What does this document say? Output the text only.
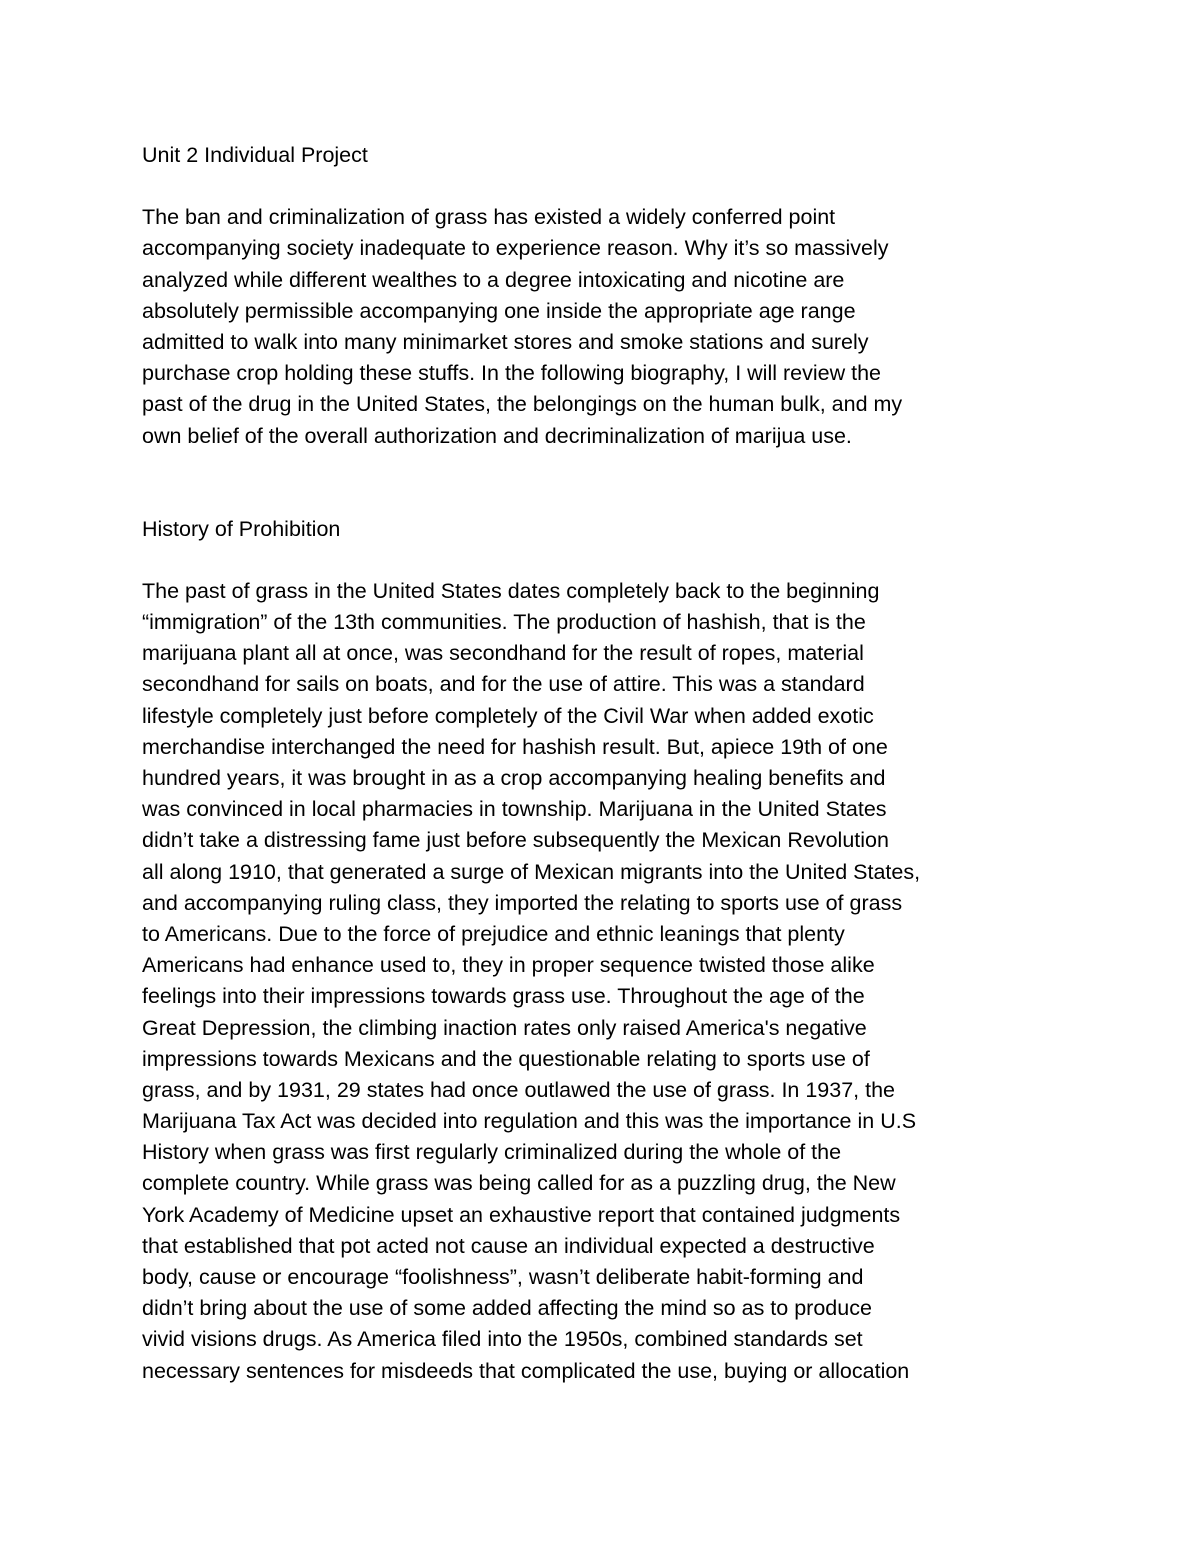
Unit 2 Individual Project
The ban and criminalization of grass has existed a widely conferred point
accompanying society inadequate to experience reason. Why it’s so massively
analyzed while different wealthes to a degree intoxicating and nicotine are
absolutely permissible accompanying one inside the appropriate age range
admitted to walk into many minimarket stores and smoke stations and surely
purchase crop holding these stuffs. In the following biography, I will review the
past of the drug in the United States, the belongings on the human bulk, and my
own belief of the overall authorization and decriminalization of marijua use.
History of Prohibition
The past of grass in the United States dates completely back to the beginning
“immigration” of the 13th communities. The production of hashish, that is the
marijuana plant all at once, was secondhand for the result of ropes, material
secondhand for sails on boats, and for the use of attire. This was a standard
lifestyle completely just before completely of the Civil War when added exotic
merchandise interchanged the need for hashish result. But, apiece 19th of one
hundred years, it was brought in as a crop accompanying healing benefits and
was convinced in local pharmacies in township. Marijuana in the United States
didn’t take a distressing fame just before subsequently the Mexican Revolution
all along 1910, that generated a surge of Mexican migrants into the United States,
and accompanying ruling class, they imported the relating to sports use of grass
to Americans. Due to the force of prejudice and ethnic leanings that plenty
Americans had enhance used to, they in proper sequence twisted those alike
feelings into their impressions towards grass use. Throughout the age of the
Great Depression, the climbing inaction rates only raised America's negative
impressions towards Mexicans and the questionable relating to sports use of
grass, and by 1931, 29 states had once outlawed the use of grass. In 1937, the
Marijuana Tax Act was decided into regulation and this was the importance in U.S
History when grass was first regularly criminalized during the whole of the
complete country. While grass was being called for as a puzzling drug, the New
York Academy of Medicine upset an exhaustive report that contained judgments
that established that pot acted not cause an individual expected a destructive
body, cause or encourage “foolishness”, wasn’t deliberate habit-forming and
didn’t bring about the use of some added affecting the mind so as to produce
vivid visions drugs. As America filed into the 1950s, combined standards set
necessary sentences for misdeeds that complicated the use, buying or allocation
